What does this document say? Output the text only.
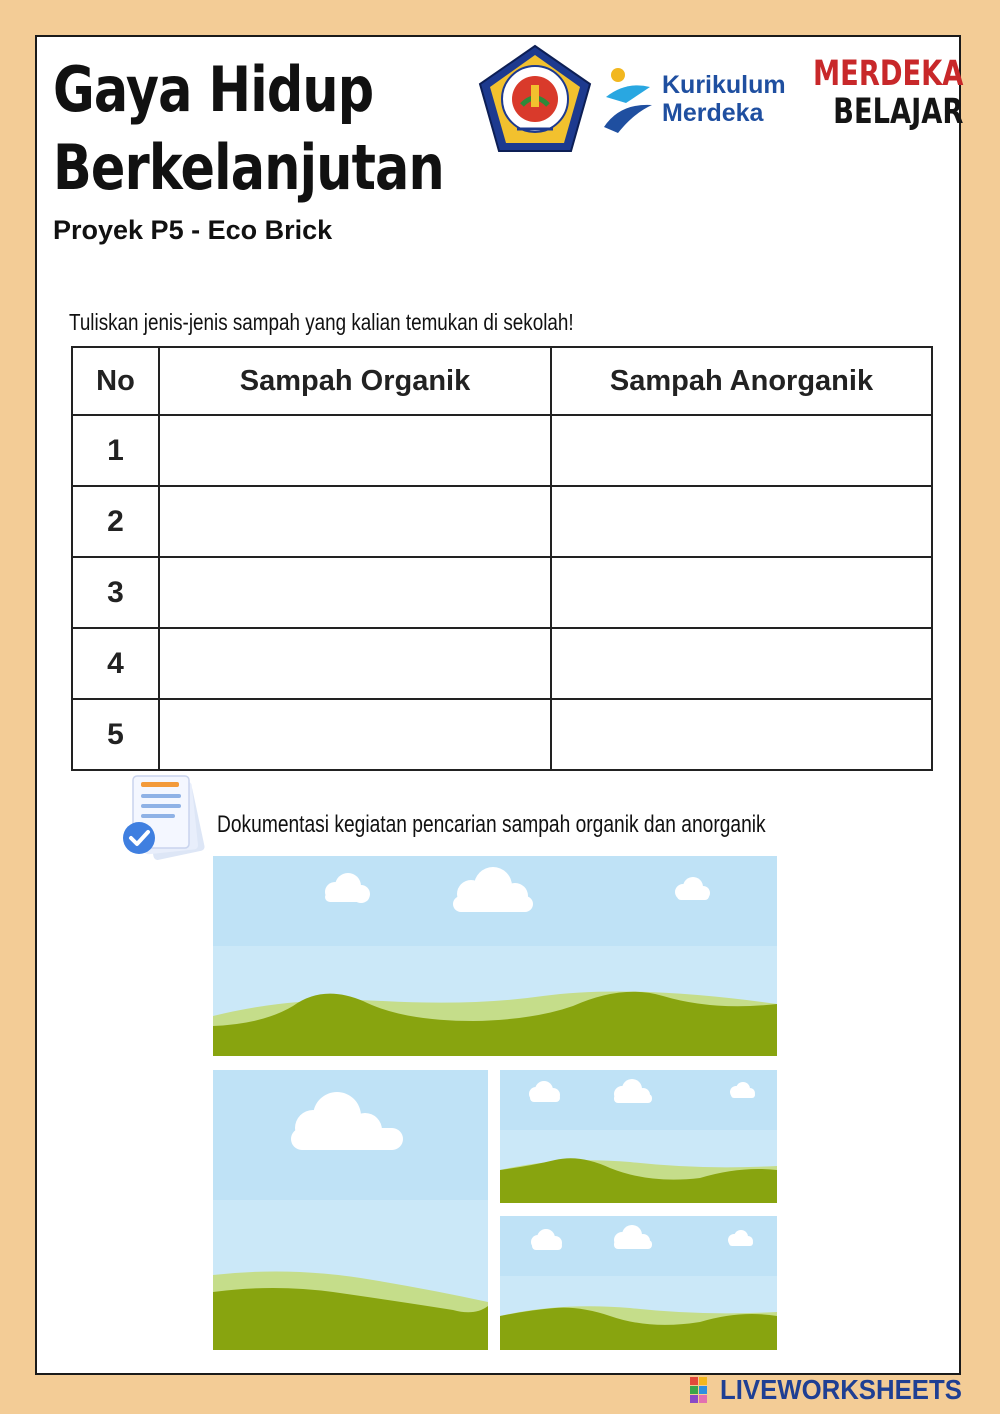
Gaya Hidup
Berkelanjutan
Proyek P5 - Eco Brick
Kurikulum
Merdeka
MERDEKA
BELAJAR
Tuliskan jenis-jenis sampah yang kalian temukan di sekolah!
No	Sampah Organik	Sampah Anorganik
1		
2		
3		
4		
5		
Dokumentasi kegiatan pencarian sampah organik dan anorganik
LIVEWORKSHEETS
